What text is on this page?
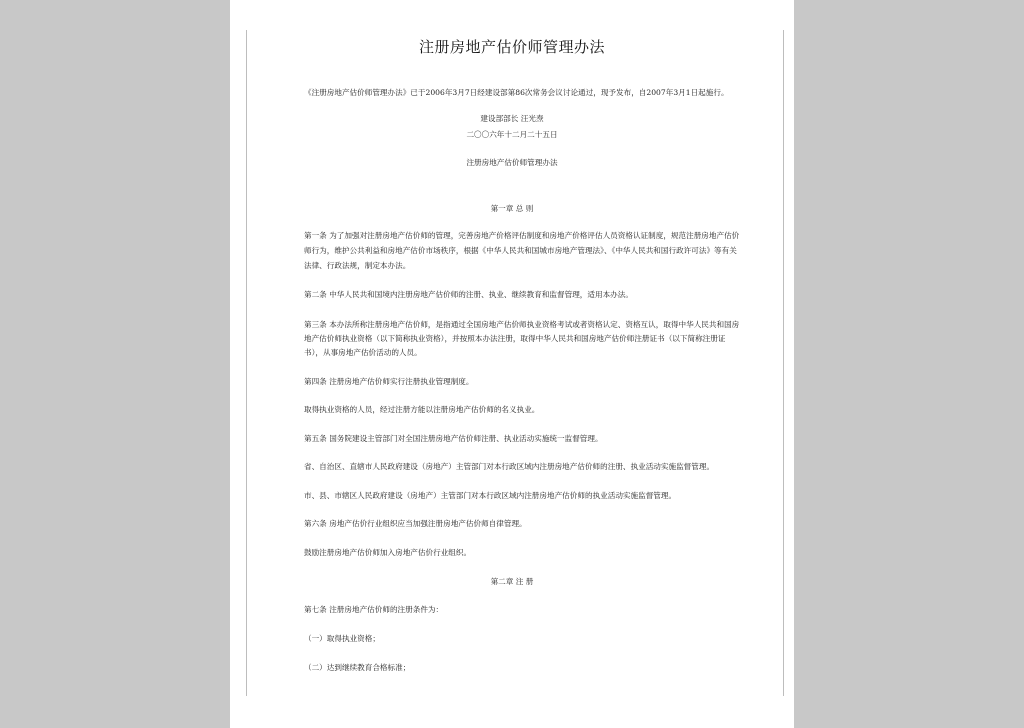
注册房地产估价师管理办法
《注册房地产估价师管理办法》已于2006年3月7日经建设部第86次常务会议讨论通过，现予发布，自2007年3月1日起施行。
建设部部长 汪光焘
二〇〇六年十二月二十五日
注册房地产估价师管理办法
第一章 总 则
第一条 为了加强对注册房地产估价师的管理，完善房地产价格评估制度和房地产价格评估人员资格认证制度，规范注册房地产估价
师行为，维护公共利益和房地产估价市场秩序，根据《中华人民共和国城市房地产管理法》、《中华人民共和国行政许可法》等有关
法律、行政法规，制定本办法。
第二条 中华人民共和国境内注册房地产估价师的注册、执业、继续教育和监督管理，适用本办法。
第三条 本办法所称注册房地产估价师，是指通过全国房地产估价师执业资格考试或者资格认定、资格互认，取得中华人民共和国房
地产估价师执业资格（以下简称执业资格），并按照本办法注册，取得中华人民共和国房地产估价师注册证书（以下简称注册证
书），从事房地产估价活动的人员。
第四条 注册房地产估价师实行注册执业管理制度。
取得执业资格的人员，经过注册方能以注册房地产估价师的名义执业。
第五条 国务院建设主管部门对全国注册房地产估价师注册、执业活动实施统一监督管理。
省、自治区、直辖市人民政府建设（房地产）主管部门对本行政区域内注册房地产估价师的注册、执业活动实施监督管理。
市、县、市辖区人民政府建设（房地产）主管部门对本行政区域内注册房地产估价师的执业活动实施监督管理。
第六条 房地产估价行业组织应当加强注册房地产估价师自律管理。
鼓励注册房地产估价师加入房地产估价行业组织。
第二章 注 册
第七条 注册房地产估价师的注册条件为：
（一）取得执业资格；
（二）达到继续教育合格标准；
